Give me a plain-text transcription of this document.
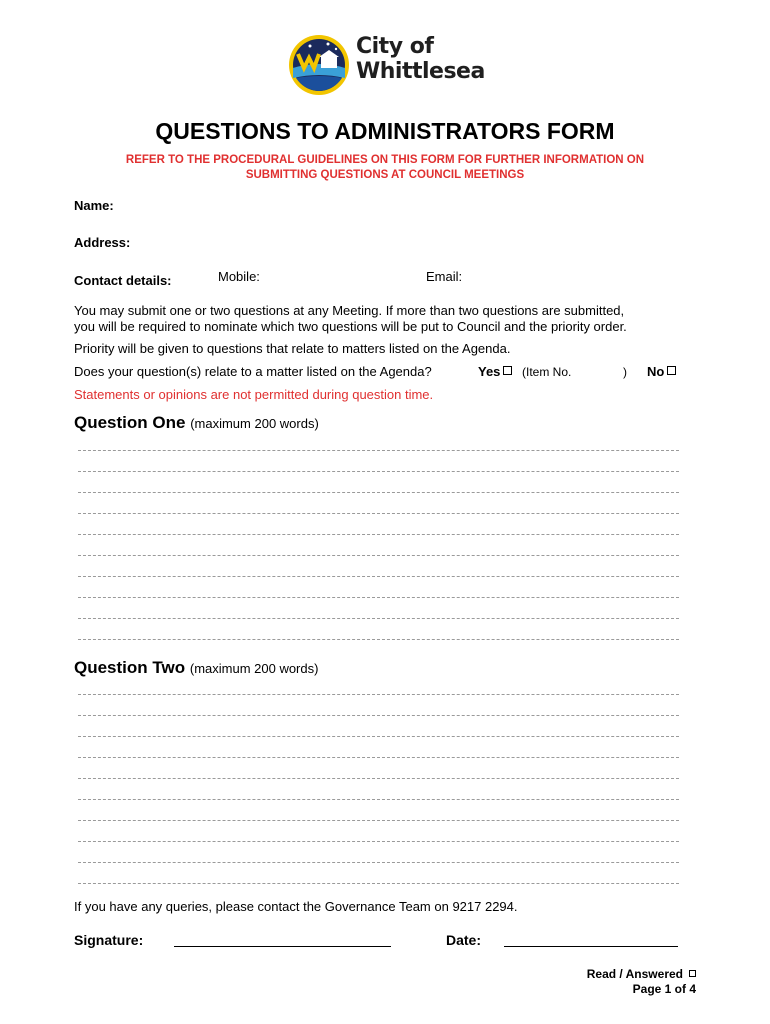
City of
Whittlesea
QUESTIONS TO ADMINISTRATORS FORM
REFER TO THE PROCEDURAL GUIDELINES ON THIS FORM FOR FURTHER INFORMATION ON
SUBMITTING QUESTIONS AT COUNCIL MEETINGS
Name:
Address:
Contact details:	Mobile:	Email:
You may submit one or two questions at any Meeting. If more than two questions are submitted,
you will be required to nominate which two questions will be put to Council and the priority order.
Priority will be given to questions that relate to matters listed on the Agenda.
Does your question(s) relate to a matter listed on the Agenda?	Yes	(Item No.	) No
Statements or opinions are not permitted during question time.
Question One (maximum 200 words)
Question Two (maximum 200 words)
If you have any queries, please contact the Governance Team on 9217 2294.
Signature:	Date:
Read / Answered
Page 1 of 4
